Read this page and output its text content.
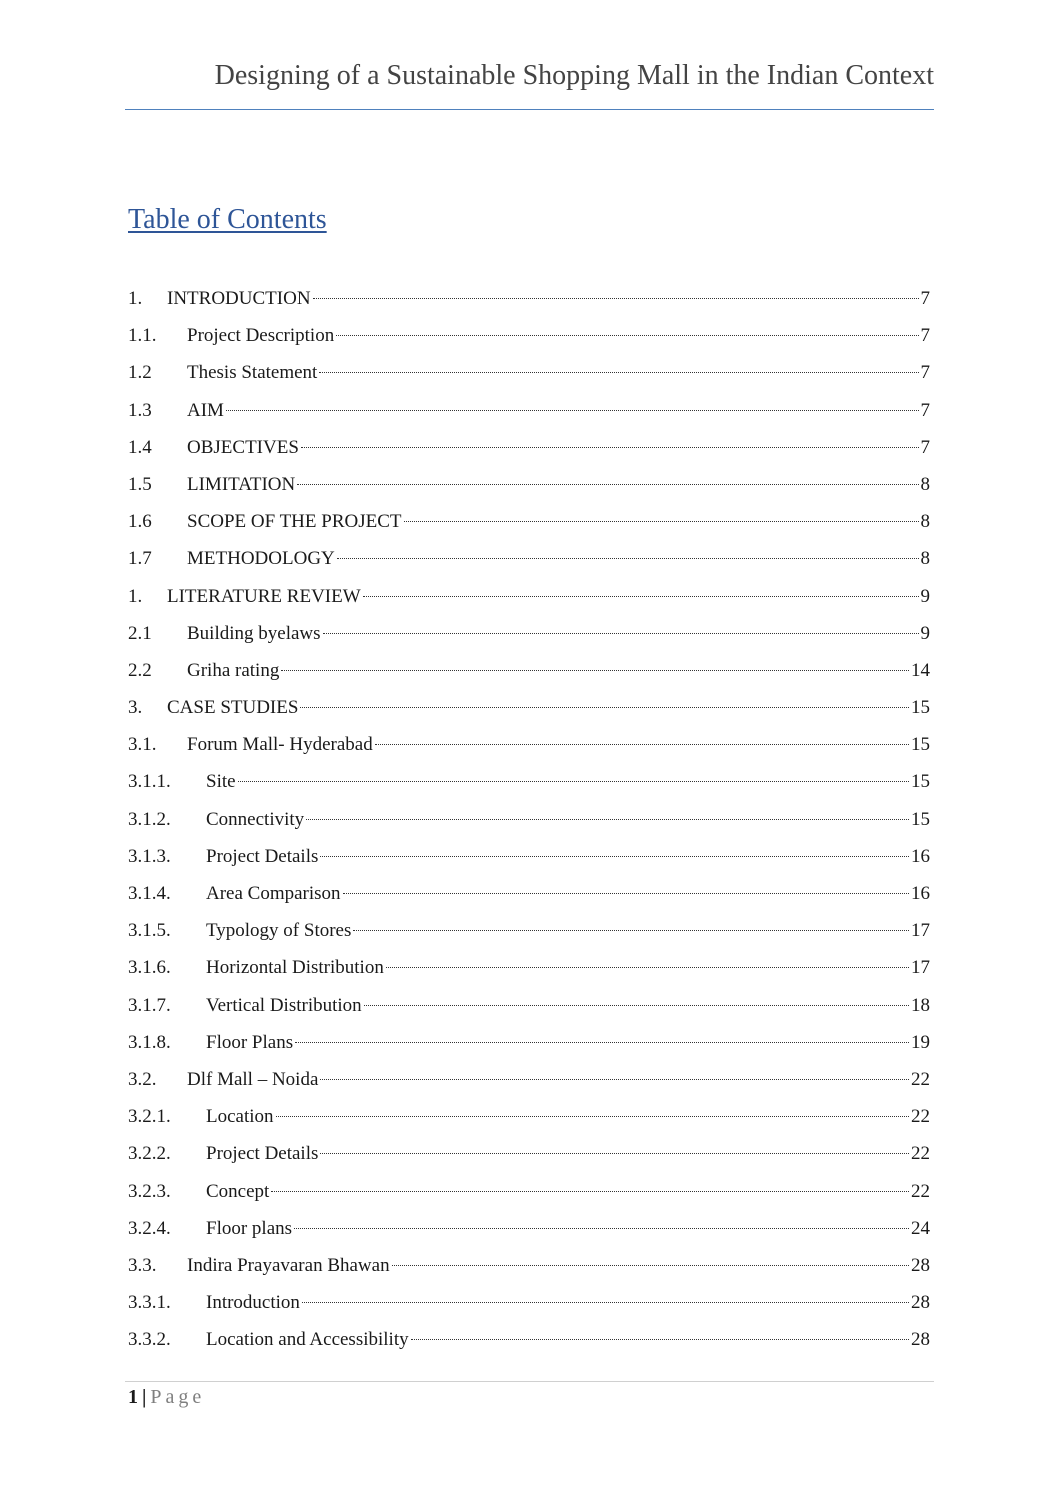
Designing of a Sustainable Shopping Mall in the Indian Context
Table of Contents
1.	INTRODUCTION	7
1.1.	Project Description	7
1.2	Thesis Statement	7
1.3	AIM	7
1.4	OBJECTIVES	7
1.5	LIMITATION	8
1.6	SCOPE OF THE PROJECT	8
1.7	METHODOLOGY	8
1.	LITERATURE REVIEW	9
2.1	Building byelaws	9
2.2	Griha rating	14
3.	CASE STUDIES	15
3.1.	Forum Mall- Hyderabad	15
3.1.1.	Site	15
3.1.2.	Connectivity	15
3.1.3.	Project Details	16
3.1.4.	Area Comparison	16
3.1.5.	Typology of Stores	17
3.1.6.	Horizontal Distribution	17
3.1.7.	Vertical Distribution	18
3.1.8.	Floor Plans	19
3.2.	Dlf Mall – Noida	22
3.2.1.	Location	22
3.2.2.	Project Details	22
3.2.3.	Concept	22
3.2.4.	Floor plans	24
3.3.	Indira Prayavaran Bhawan	28
3.3.1.	Introduction	28
3.3.2.	Location and Accessibility	28
1 | Page
